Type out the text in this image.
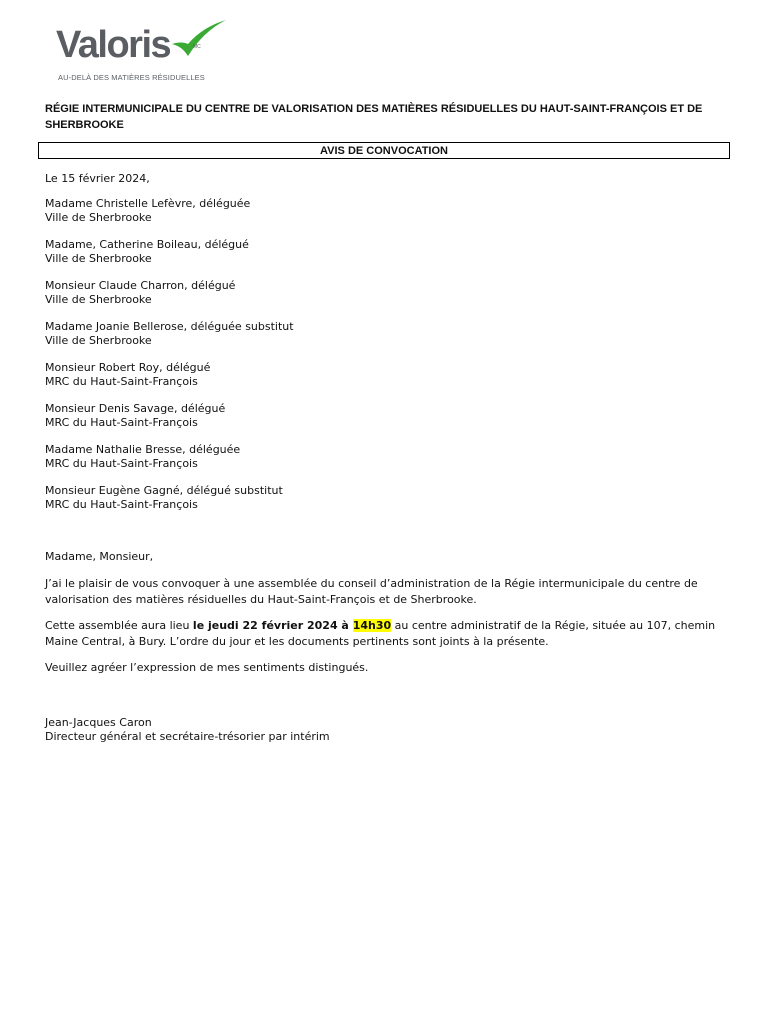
Valoris	MC
AU-DELÀ DES MATIÈRES RÉSIDUELLES
RÉGIE INTERMUNICIPALE DU CENTRE DE VALORISATION DES MATIÈRES RÉSIDUELLES DU HAUT-SAINT-FRANÇOIS ET DE SHERBROOKE
AVIS DE CONVOCATION
Le 15 février 2024,
Madame Christelle Lefèvre, déléguée
Ville de Sherbrooke
Madame, Catherine Boileau, délégué
Ville de Sherbrooke
Monsieur Claude Charron, délégué
Ville de Sherbrooke
Madame Joanie Bellerose, déléguée substitut
Ville de Sherbrooke
Monsieur Robert Roy, délégué
MRC du Haut-Saint-François
Monsieur Denis Savage, délégué
MRC du Haut-Saint-François
Madame Nathalie Bresse, déléguée
MRC du Haut-Saint-François
Monsieur Eugène Gagné, délégué substitut
MRC du Haut-Saint-François
Madame, Monsieur,
J’ai le plaisir de vous convoquer à une assemblée du conseil d’administration de la Régie intermunicipale du centre de valorisation des matières résiduelles du Haut-Saint-François et de Sherbrooke.
Cette assemblée aura lieu le jeudi 22 février 2024 à 14h30 au centre administratif de la Régie, située au 107, chemin Maine Central, à Bury. L’ordre du jour et les documents pertinents sont joints à la présente.
Veuillez agréer l’expression de mes sentiments distingués.
Jean-Jacques Caron
Directeur général et secrétaire-trésorier par intérim
